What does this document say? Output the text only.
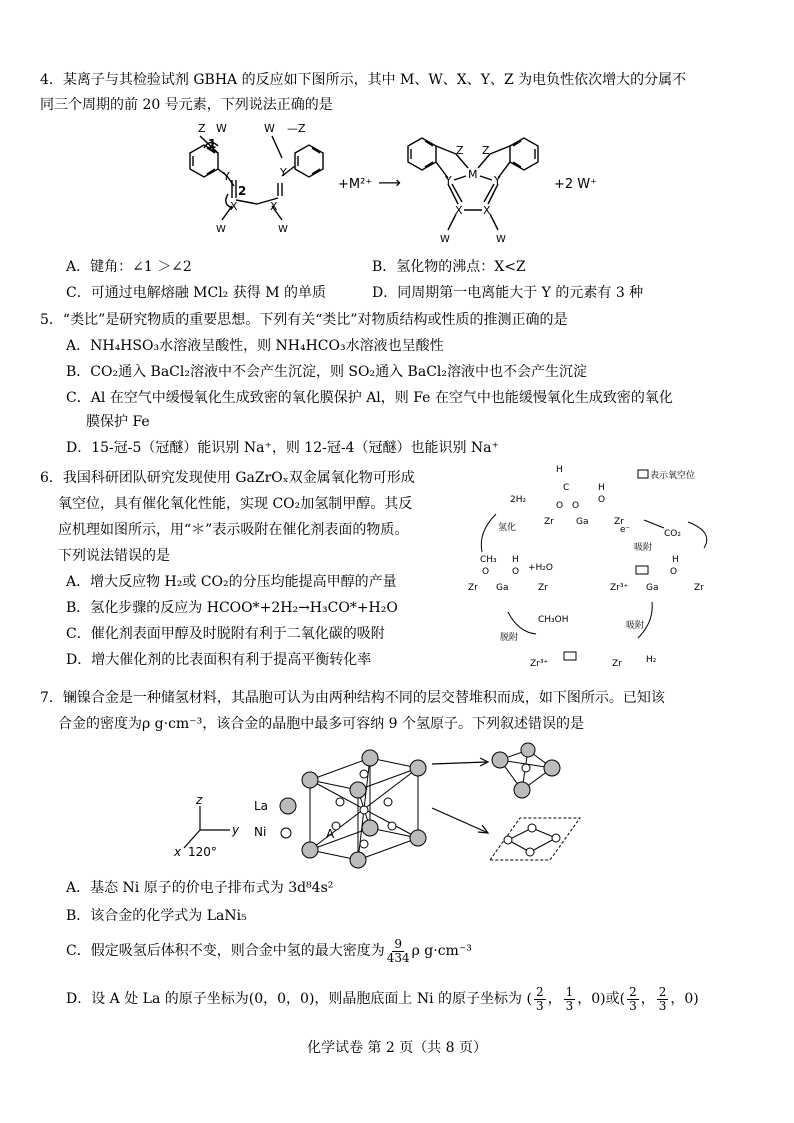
4．某离子与其检验试剂 GBHA 的反应如下图所示，其中 M、W、X、Y、Z 为电负性依次增大的分属不
同三个周期的前 20 号元素，下列说法正确的是
Z W
1
Y
2
X	X
W	W
W —Z
Y
+M²⁺ ⟶
Z Z
M
Y	Y
X X
W	W
+2 W⁺
A．键角：∠1 ＞∠2	B．氢化物的沸点：X<Z
C．可通过电解熔融 MCl₂ 获得 M 的单质	D．同周期第一电离能大于 Y 的元素有 3 种
5．“类比”是研究物质的重要思想。下列有关“类比”对物质结构或性质的推测正确的是
A．NH₄HSO₃水溶液呈酸性，则 NH₄HCO₃水溶液也呈酸性
B．CO₂通入 BaCl₂溶液中不会产生沉淀，则 SO₂通入 BaCl₂溶液中也不会产生沉淀
C．Al 在空气中缓慢氧化生成致密的氧化膜保护 Al，则 Fe 在空气中也能缓慢氧化生成致密的氧化
膜保护 Fe
D．15-冠-5（冠醚）能识别 Na⁺，则 12-冠-4（冠醚）也能识别 Na⁺
6．我国科研团队研究发现使用 GaZrOₓ双金属氧化物可形成
氧空位，具有催化氧化性能，实现 CO₂加氢制甲醇。其反
应机理如图所示，用“＊”表示吸附在催化剂表面的物质。
下列说法错误的是
A．增大反应物 H₂或 CO₂的分压均能提高甲醇的产量
B．氢化步骤的反应为 HCOO*+2H₂→H₃CO*+H₂O
C．催化剂表面甲醇及时脱附有利于二氧化碳的吸附
D．增大催化剂的比表面积有利于提高平衡转化率
表示氧空位
H
C
O O
H
O
Zr Ga	Zr
2H₂
氢化	e⁻	CO₂
吸附
CH₃
O
H
O +H₂O
Zr Ga	Zr	Zr³⁺ Ga	Zr
H
O
CH₃OH
脱附
吸附
Zr³⁺	Zr	H₂
7．镧镍合金是一种储氢材料，其晶胞可认为由两种结构不同的层交替堆积而成，如下图所示。已知该
合金的密度为ρ g·cm⁻³，该合金的晶胞中最多可容纳 9 个氢原子。下列叙述错误的是
z
y
x 120°
La
Ni	A
A．基态 Ni 原子的价电子排布式为 3d⁸4s²
B．该合金的化学式为 LaNi₅
C．假定吸氢后体积不变，则合金中氢的最大密度为 $\frac{9}{434}$ ρ g·cm⁻³
D．设 A 处 La 的原子坐标为(0，0，0)，则晶胞底面上 Ni 的原子坐标为 ( $\frac{2}{3}$ ， $\frac{1}{3}$ ，0)或( $\frac{2}{3}$ ， $\frac{2}{3}$ ，0)
化学试卷 第 2 页（共 8 页）
